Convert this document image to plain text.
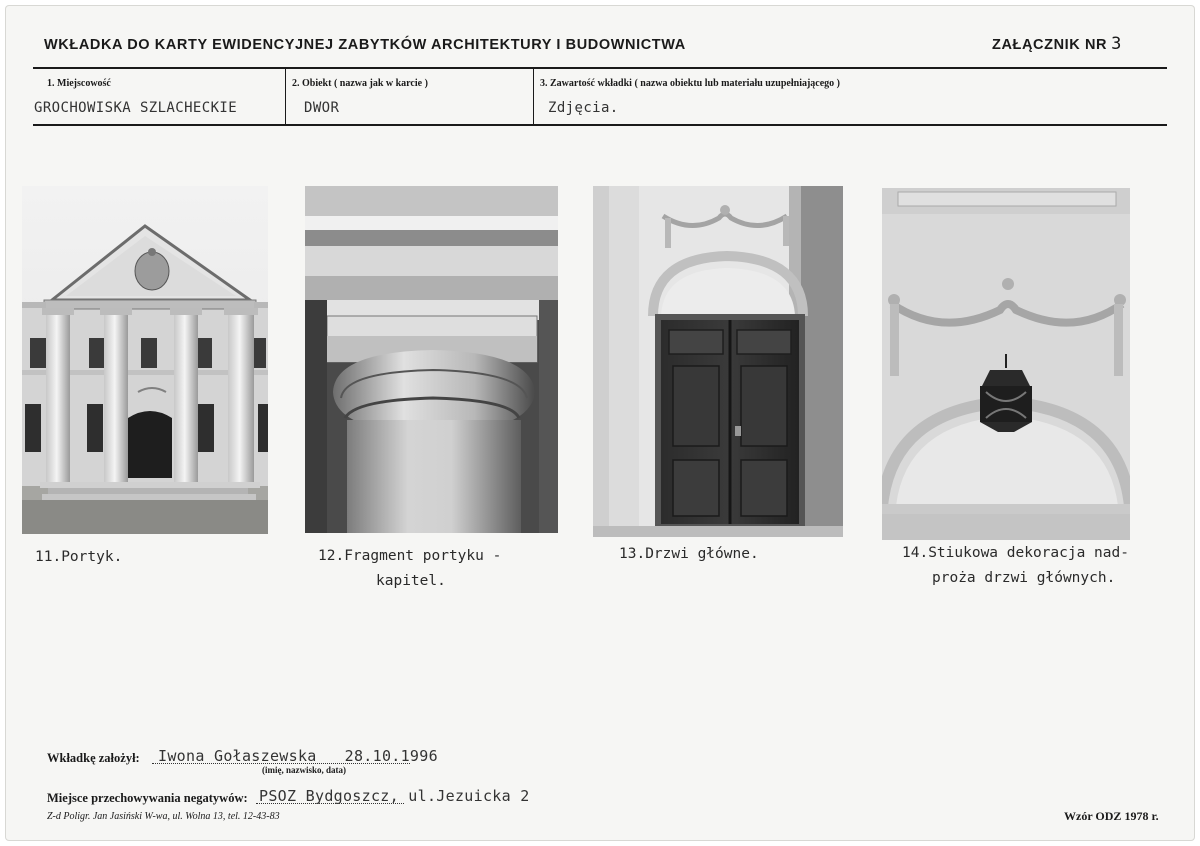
WKŁADKA DO KARTY EWIDENCYJNEJ ZABYTKÓW ARCHITEKTURY I BUDOWNICTWA	ZAŁĄCZNIK NR 3
1. Miejscowość
GROCHOWISKA SZLACHECKIE
2. Obiekt ( nazwa jak w karcie )
DWOR
3. Zawartość wkładki ( nazwa obiektu lub materiału uzupełniającego )
Zdjęcia.
11.Portyk.	12.Fragment portyku -
kapitel.
13.Drzwi główne.	14.Stiukowa dekoracja nad-
proża drzwi głównych.
Wkładkę założył: Iwona Gołaszewska   28.10.1996
(imię, nazwisko, data)
Miejsce przechowywania negatywów: PSOZ Bydgoszcz, ul.Jezuicka 2
Z-d Poligr. Jan Jasiński W-wa, ul. Wolna 13, tel. 12-43-83	Wzór ODZ 1978 r.
